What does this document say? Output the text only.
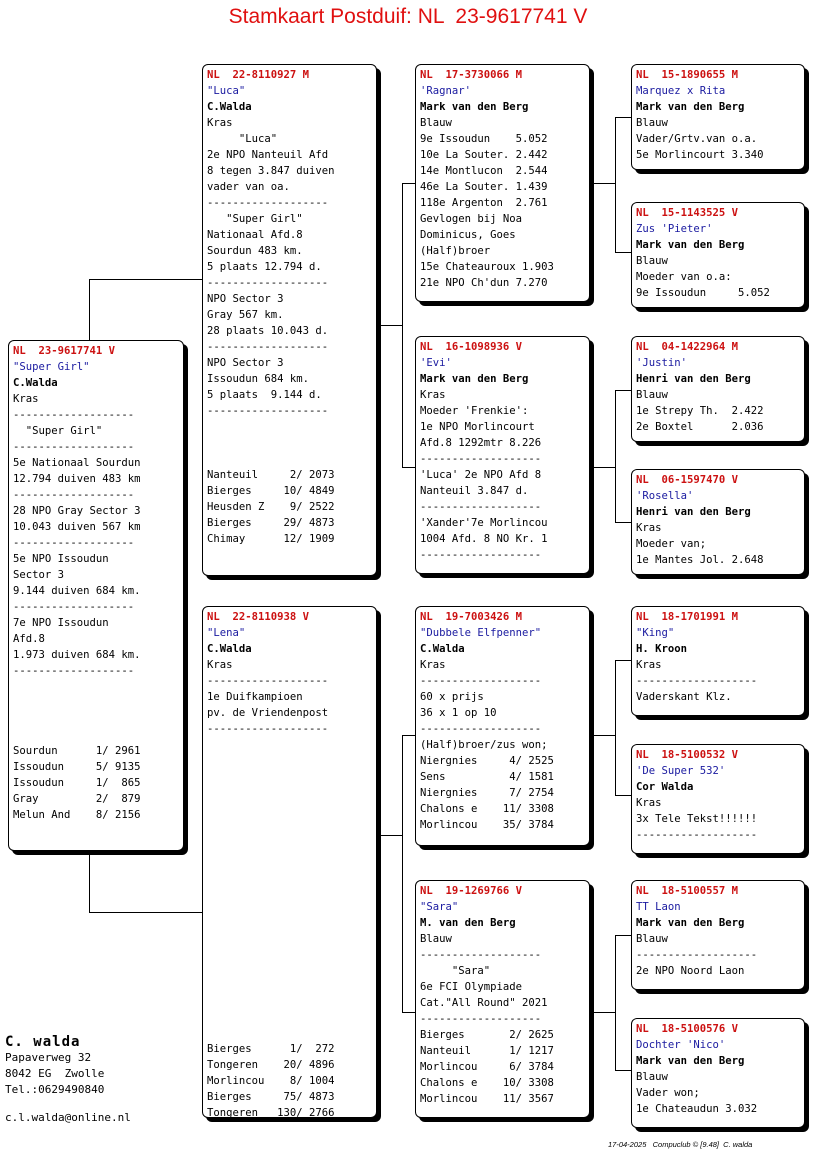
Stamkaart Postduif: NL  23-9617741 V
NL  23-9617741 V
"Super Girl"
C.Walda
Kras
-------------------
"Super Girl"
-------------------
5e Nationaal Sourdun
12.794 duiven 483 km
-------------------
28 NPO Gray Sector 3
10.043 duiven 567 km
-------------------
5e NPO Issoudun
Sector 3
9.144 duiven 684 km.
-------------------
7e NPO Issoudun
Afd.8
1.973 duiven 684 km.
-------------------
Sourdun      1/ 2961
Issoudun     5/ 9135
Issoudun     1/  865
Gray         2/  879
Melun And    8/ 2156
NL  22-8110927 M
"Luca"
C.Walda
Kras
"Luca"
2e NPO Nanteuil Afd
8 tegen 3.847 duiven
vader van oa.
-------------------
"Super Girl"
Nationaal Afd.8
Sourdun 483 km.
5 plaats 12.794 d.
-------------------
NPO Sector 3
Gray 567 km.
28 plaats 10.043 d.
-------------------
NPO Sector 3
Issoudun 684 km.
5 plaats  9.144 d.
-------------------
Nanteuil     2/ 2073
Bierges     10/ 4849
Heusden Z    9/ 2522
Bierges     29/ 4873
Chimay      12/ 1909
NL  22-8110938 V
"Lena"
C.Walda
Kras
-------------------
1e Duifkampioen
pv. de Vriendenpost
-------------------
Bierges      1/  272
Tongeren    20/ 4896
Morlincou    8/ 1004
Bierges     75/ 4873
Tongeren   130/ 2766
NL  17-3730066 M
'Ragnar'
Mark van den Berg
Blauw
9e Issoudun    5.052
10e La Souter. 2.442
14e Montlucon  2.544
46e La Souter. 1.439
118e Argenton  2.761
Gevlogen bij Noa
Dominicus, Goes
(Half)broer
15e Chateauroux 1.903
21e NPO Ch'dun 7.270
NL  16-1098936 V
'Evi'
Mark van den Berg
Kras
Moeder 'Frenkie':
1e NPO Morlincourt
Afd.8 1292mtr 8.226
-------------------
'Luca' 2e NPO Afd 8
Nanteuil 3.847 d.
-------------------
'Xander'7e Morlincou
1004 Afd. 8 NO Kr. 1
-------------------
NL  19-7003426 M
"Dubbele Elfpenner"
C.Walda
Kras
-------------------
60 x prijs
36 x 1 op 10
-------------------
(Half)broer/zus won;
Niergnies     4/ 2525
Sens          4/ 1581
Niergnies     7/ 2754
Chalons e    11/ 3308
Morlincou    35/ 3784
NL  19-1269766 V
"Sara"
M. van den Berg
Blauw
-------------------
"Sara"
6e FCI Olympiade
Cat."All Round" 2021
-------------------
Bierges       2/ 2625
Nanteuil      1/ 1217
Morlincou     6/ 3784
Chalons e    10/ 3308
Morlincou    11/ 3567
NL  15-1890655 M
Marquez x Rita
Mark van den Berg
Blauw
Vader/Grtv.van o.a.
5e Morlincourt 3.340
NL  15-1143525 V
Zus 'Pieter'
Mark van den Berg
Blauw
Moeder van o.a:
9e Issoudun     5.052
NL  04-1422964 M
'Justin'
Henri van den Berg
Blauw
1e Strepy Th.  2.422
2e Boxtel      2.036
NL  06-1597470 V
'Rosella'
Henri van den Berg
Kras
Moeder van;
1e Mantes Jol. 2.648
NL  18-1701991 M
"King"
H. Kroon
Kras
-------------------
Vaderskant Klz.
NL  18-5100532 V
'De Super 532'
Cor Walda
Kras
3x Tele Tekst!!!!!!
-------------------
NL  18-5100557 M
TT Laon
Mark van den Berg
Blauw
-------------------
2e NPO Noord Laon
NL  18-5100576 V
Dochter 'Nico'
Mark van den Berg
Blauw
Vader won;
1e Chateaudun 3.032
C. walda
Papaverweg 32
8042 EG  Zwolle
Tel.:0629490840
c.l.walda@online.nl
17-04-2025   Compuclub © [9.48]  C. walda
